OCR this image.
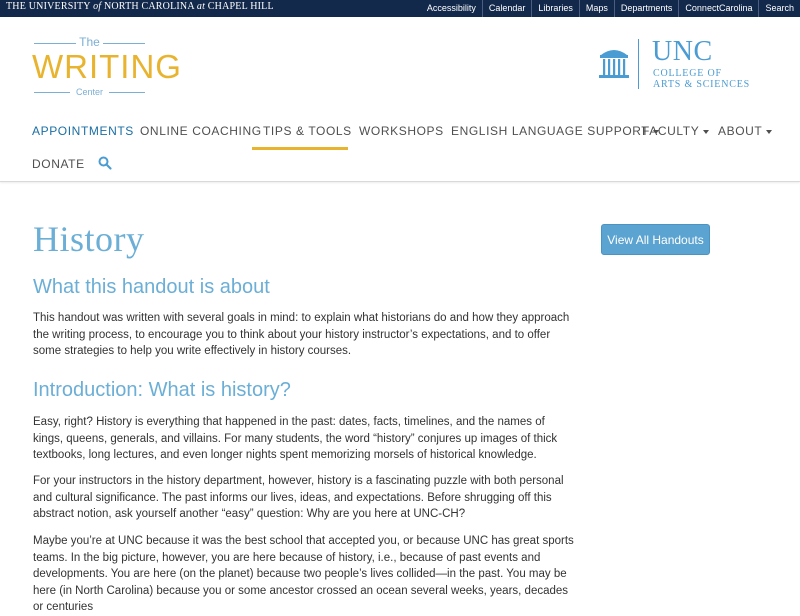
THE UNIVERSITY of NORTH CAROLINA at CHAPEL HILL	Accessibility	Calendar	Libraries	Maps	Departments	ConnectCarolina	Search
The
WRITING
Center
UNC
COLLEGE OF
ARTS & SCIENCES
APPOINTMENTS ONLINE COACHING TIPS & TOOLS WORKSHOPS ENGLISH LANGUAGE SUPPORT
FACULTY	ABOUT
DONATE
History	View All Handouts
What this handout is about

This handout was written with several goals in mind: to explain what historians do and how they approach the writing process, to encourage you to think about your history instructor’s expectations, and to offer some strategies to help you write effectively in history courses.

Introduction: What is history?

Easy, right? History is everything that happened in the past: dates, facts, timelines, and the names of kings, queens, generals, and villains. For many students, the word “history” conjures up images of thick textbooks, long lectures, and even longer nights spent memorizing morsels of historical knowledge.

For your instructors in the history department, however, history is a fascinating puzzle with both personal and cultural significance. The past informs our lives, ideas, and expectations. Before shrugging off this abstract notion, ask yourself another “easy” question: Why are you here at UNC-CH?

Maybe you’re at UNC because it was the best school that accepted you, or because UNC has great sports teams. In the big picture, however, you are here because of history, i.e., because of past events and developments. You are here (on the planet) because two people’s lives collided—in the past. You may be here (in North Carolina) because you or some ancestor crossed an ocean several weeks, years, decades or centuries
